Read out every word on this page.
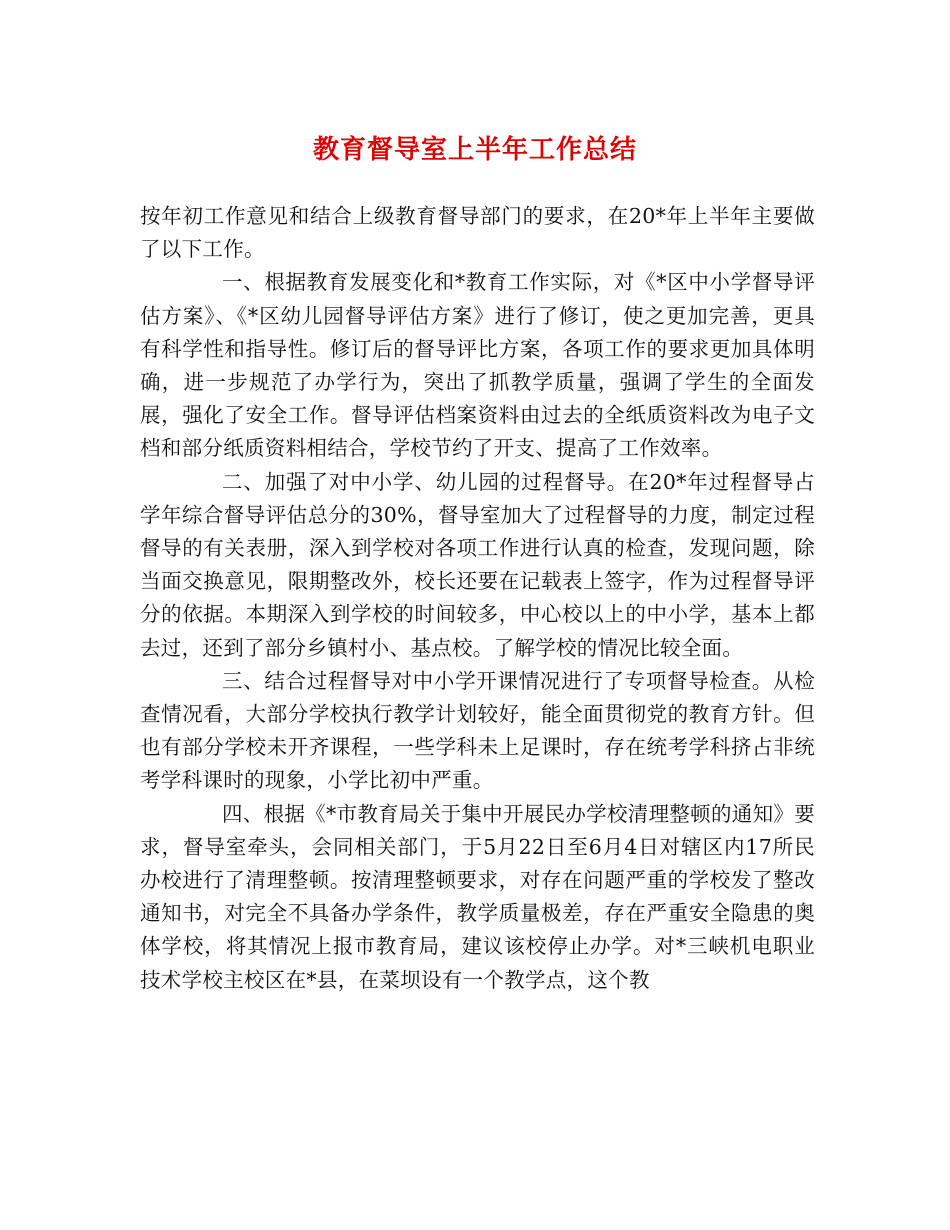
教育督导室上半年工作总结

按年初工作意见和结合上级教育督导部门的要求，在20*年上半年主要做了以下工作。

一、根据教育发展变化和*教育工作实际，对《*区中小学督导评估方案》、《*区幼儿园督导评估方案》进行了修订，使之更加完善，更具有科学性和指导性。修订后的督导评比方案，各项工作的要求更加具体明确，进一步规范了办学行为，突出了抓教学质量，强调了学生的全面发展，强化了安全工作。督导评估档案资料由过去的全纸质资料改为电子文档和部分纸质资料相结合，学校节约了开支、提高了工作效率。

二、加强了对中小学、幼儿园的过程督导。在20*年过程督导占学年综合督导评估总分的30%，督导室加大了过程督导的力度，制定过程督导的有关表册，深入到学校对各项工作进行认真的检查，发现问题，除当面交换意见，限期整改外，校长还要在记载表上签字，作为过程督导评分的依据。本期深入到学校的时间较多，中心校以上的中小学，基本上都去过，还到了部分乡镇村小、基点校。了解学校的情况比较全面。

三、结合过程督导对中小学开课情况进行了专项督导检查。从检查情况看，大部分学校执行教学计划较好，能全面贯彻党的教育方针。但也有部分学校未开齐课程，一些学科未上足课时，存在统考学科挤占非统考学科课时的现象，小学比初中严重。

四、根据《*市教育局关于集中开展民办学校清理整顿的通知》要求，督导室牵头，会同相关部门，于5月22日至6月4日对辖区内17所民办校进行了清理整顿。按清理整顿要求，对存在问题严重的学校发了整改通知书，对完全不具备办学条件，教学质量极差，存在严重安全隐患的奥体学校，将其情况上报市教育局，建议该校停止办学。对*三峡机电职业技术学校主校区在*县，在菜坝设有一个教学点，这个教
